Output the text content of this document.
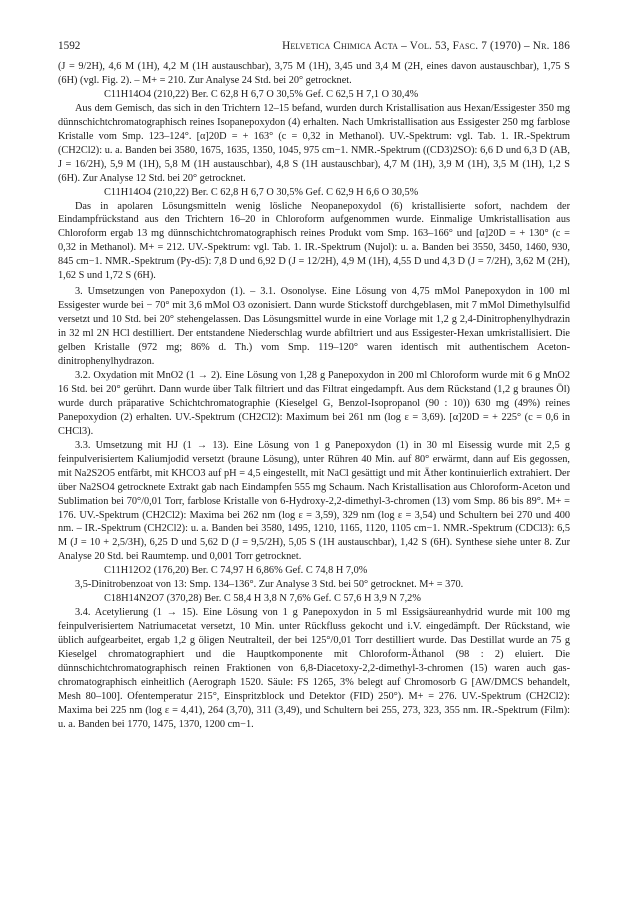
1592	Helvetica Chimica Acta – Vol. 53, Fasc. 7 (1970) – Nr. 186

(J = 9/2H), 4,6 M (1H), 4,2 M (1H austauschbar), 3,75 M (1H), 3,45 und 3,4 M (2H, eines davon austauschbar), 1,75 S (6H) (vgl. Fig. 2). – M+ = 210. Zur Analyse 24 Std. bei 20° getrocknet.

C11H14O4 (210,22) Ber. C 62,8 H 6,7 O 30,5% Gef. C 62,5 H 7,1 O 30,4%

Aus dem Gemisch, das sich in den Trichtern 12–15 befand, wurden durch Kristallisation aus Hexan/Essigester 350 mg dünnschichtchromatographisch reines Isopanepoxydon (4) erhalten. Nach Umkristallisation aus Essigester 250 mg farblose Kristalle vom Smp. 123–124°. [α]20D = + 163° (c = 0,32 in Methanol). UV.-Spektrum: vgl. Tab. 1. IR.-Spektrum (CH2Cl2): u. a. Banden bei 3580, 1675, 1635, 1350, 1045, 975 cm−1. NMR.-Spektrum ((CD3)2SO): 6,6 D und 6,3 D (AB, J = 16/2H), 5,9 M (1H), 5,8 M (1H austauschbar), 4,8 S (1H austauschbar), 4,7 M (1H), 3,9 M (1H), 3,5 M (1H), 1,2 S (6H). Zur Analyse 12 Std. bei 20° getrocknet.

C11H14O4 (210,22) Ber. C 62,8 H 6,7 O 30,5% Gef. C 62,9 H 6,6 O 30,5%

Das in apolaren Lösungsmitteln wenig lösliche Neopanepoxydol (6) kristallisierte sofort, nachdem der Eindampfrückstand aus den Trichtern 16–20 in Chloroform aufgenommen wurde. Einmalige Umkristallisation aus Chloroform ergab 13 mg dünnschichtchromatographisch reines Produkt vom Smp. 163–166° und [α]20D = + 130° (c = 0,32 in Methanol). M+ = 212. UV.-Spektrum: vgl. Tab. 1. IR.-Spektrum (Nujol): u. a. Banden bei 3550, 3450, 1460, 930, 845 cm−1. NMR.-Spektrum (Py-d5): 7,8 D und 6,92 D (J = 12/2H), 4,9 M (1H), 4,55 D und 4,3 D (J = 7/2H), 3,62 M (2H), 1,62 S und 1,72 S (6H).

3. Umsetzungen von Panepoxydon (1). – 3.1. Osonolyse. Eine Lösung von 4,75 mMol Panepoxydon in 100 ml Essigester wurde bei − 70° mit 3,6 mMol O3 ozonisiert. Dann wurde Stickstoff durchgeblasen, mit 7 mMol Dimethylsulfid versetzt und 10 Std. bei 20° stehengelassen. Das Lösungsmittel wurde in eine Vorlage mit 1,2 g 2,4-Dinitrophenylhydrazin in 32 ml 2N HCl destilliert. Der entstandene Niederschlag wurde abfiltriert und aus Essigester-Hexan umkristallisiert. Die gelben Kristalle (972 mg; 86% d. Th.) vom Smp. 119–120° waren identisch mit authentischem Aceton-dinitrophenylhydrazon.

3.2. Oxydation mit MnO2 (1 → 2). Eine Lösung von 1,28 g Panepoxydon in 200 ml Chloroform wurde mit 6 g MnO2 16 Std. bei 20° gerührt. Dann wurde über Talk filtriert und das Filtrat eingedampft. Aus dem Rückstand (1,2 g braunes Öl) wurde durch präparative Schichtchromatographie (Kieselgel G, Benzol-Isopropanol (90 : 10)) 630 mg (49%) reines Panepoxydion (2) erhalten. UV.-Spektrum (CH2Cl2): Maximum bei 261 nm (log ε = 3,69). [α]20D = + 225° (c = 0,6 in CHCl3).

3.3. Umsetzung mit HJ (1 → 13). Eine Lösung von 1 g Panepoxydon (1) in 30 ml Eisessig wurde mit 2,5 g feinpulverisiertem Kaliumjodid versetzt (braune Lösung), unter Rühren 40 Min. auf 80° erwärmt, dann auf Eis gegossen, mit Na2S2O5 entfärbt, mit KHCO3 auf pH = 4,5 eingestellt, mit NaCl gesättigt und mit Äther kontinuierlich extrahiert. Der über Na2SO4 getrocknete Extrakt gab nach Eindampfen 555 mg Schaum. Nach Kristallisation aus Chloroform-Aceton und Sublimation bei 70°/0,01 Torr, farblose Kristalle von 6-Hydroxy-2,2-dimethyl-3-chromen (13) vom Smp. 86 bis 89°. M+ = 176. UV.-Spektrum (CH2Cl2): Maxima bei 262 nm (log ε = 3,59), 329 nm (log ε = 3,54) und Schultern bei 270 und 400 nm. – IR.-Spektrum (CH2Cl2): u. a. Banden bei 3580, 1495, 1210, 1165, 1120, 1105 cm−1. NMR.-Spektrum (CDCl3): 6,5 M (J = 10 + 2,5/3H), 6,25 D und 5,62 D (J = 9,5/2H), 5,05 S (1H austauschbar), 1,42 S (6H). Synthese siehe unter 8. Zur Analyse 20 Std. bei Raumtemp. und 0,001 Torr getrocknet.

C11H12O2 (176,20) Ber. C 74,97 H 6,86% Gef. C 74,8 H 7,0%

3,5-Dinitrobenzoat von 13: Smp. 134–136°. Zur Analyse 3 Std. bei 50° getrocknet. M+ = 370.

C18H14N2O7 (370,28) Ber. C 58,4 H 3,8 N 7,6% Gef. C 57,6 H 3,9 N 7,2%

3.4. Acetylierung (1 → 15). Eine Lösung von 1 g Panepoxydon in 5 ml Essigsäureanhydrid wurde mit 100 mg feinpulverisiertem Natriumacetat versetzt, 10 Min. unter Rückfluss gekocht und i.V. eingedämpft. Der Rückstand, wie üblich aufgearbeitet, ergab 1,2 g öligen Neutralteil, der bei 125°/0,01 Torr destilliert wurde. Das Destillat wurde an 75 g Kieselgel chromatographiert und die Hauptkomponente mit Chloroform-Äthanol (98 : 2) eluiert. Die dünnschichtchromatographisch reinen Fraktionen von 6,8-Diacetoxy-2,2-dimethyl-3-chromen (15) waren auch gas-chromatographisch einheitlich (Aerograph 1520. Säule: FS 1265, 3% belegt auf Chromosorb G [AW/DMCS behandelt, Mesh 80–100]. Ofentemperatur 215°, Einspritzblock und Detektor (FID) 250°). M+ = 276. UV.-Spektrum (CH2Cl2): Maxima bei 225 nm (log ε = 4,41), 264 (3,70), 311 (3,49), und Schultern bei 255, 273, 323, 355 nm. IR.-Spektrum (Film): u. a. Banden bei 1770, 1475, 1370, 1200 cm−1.
